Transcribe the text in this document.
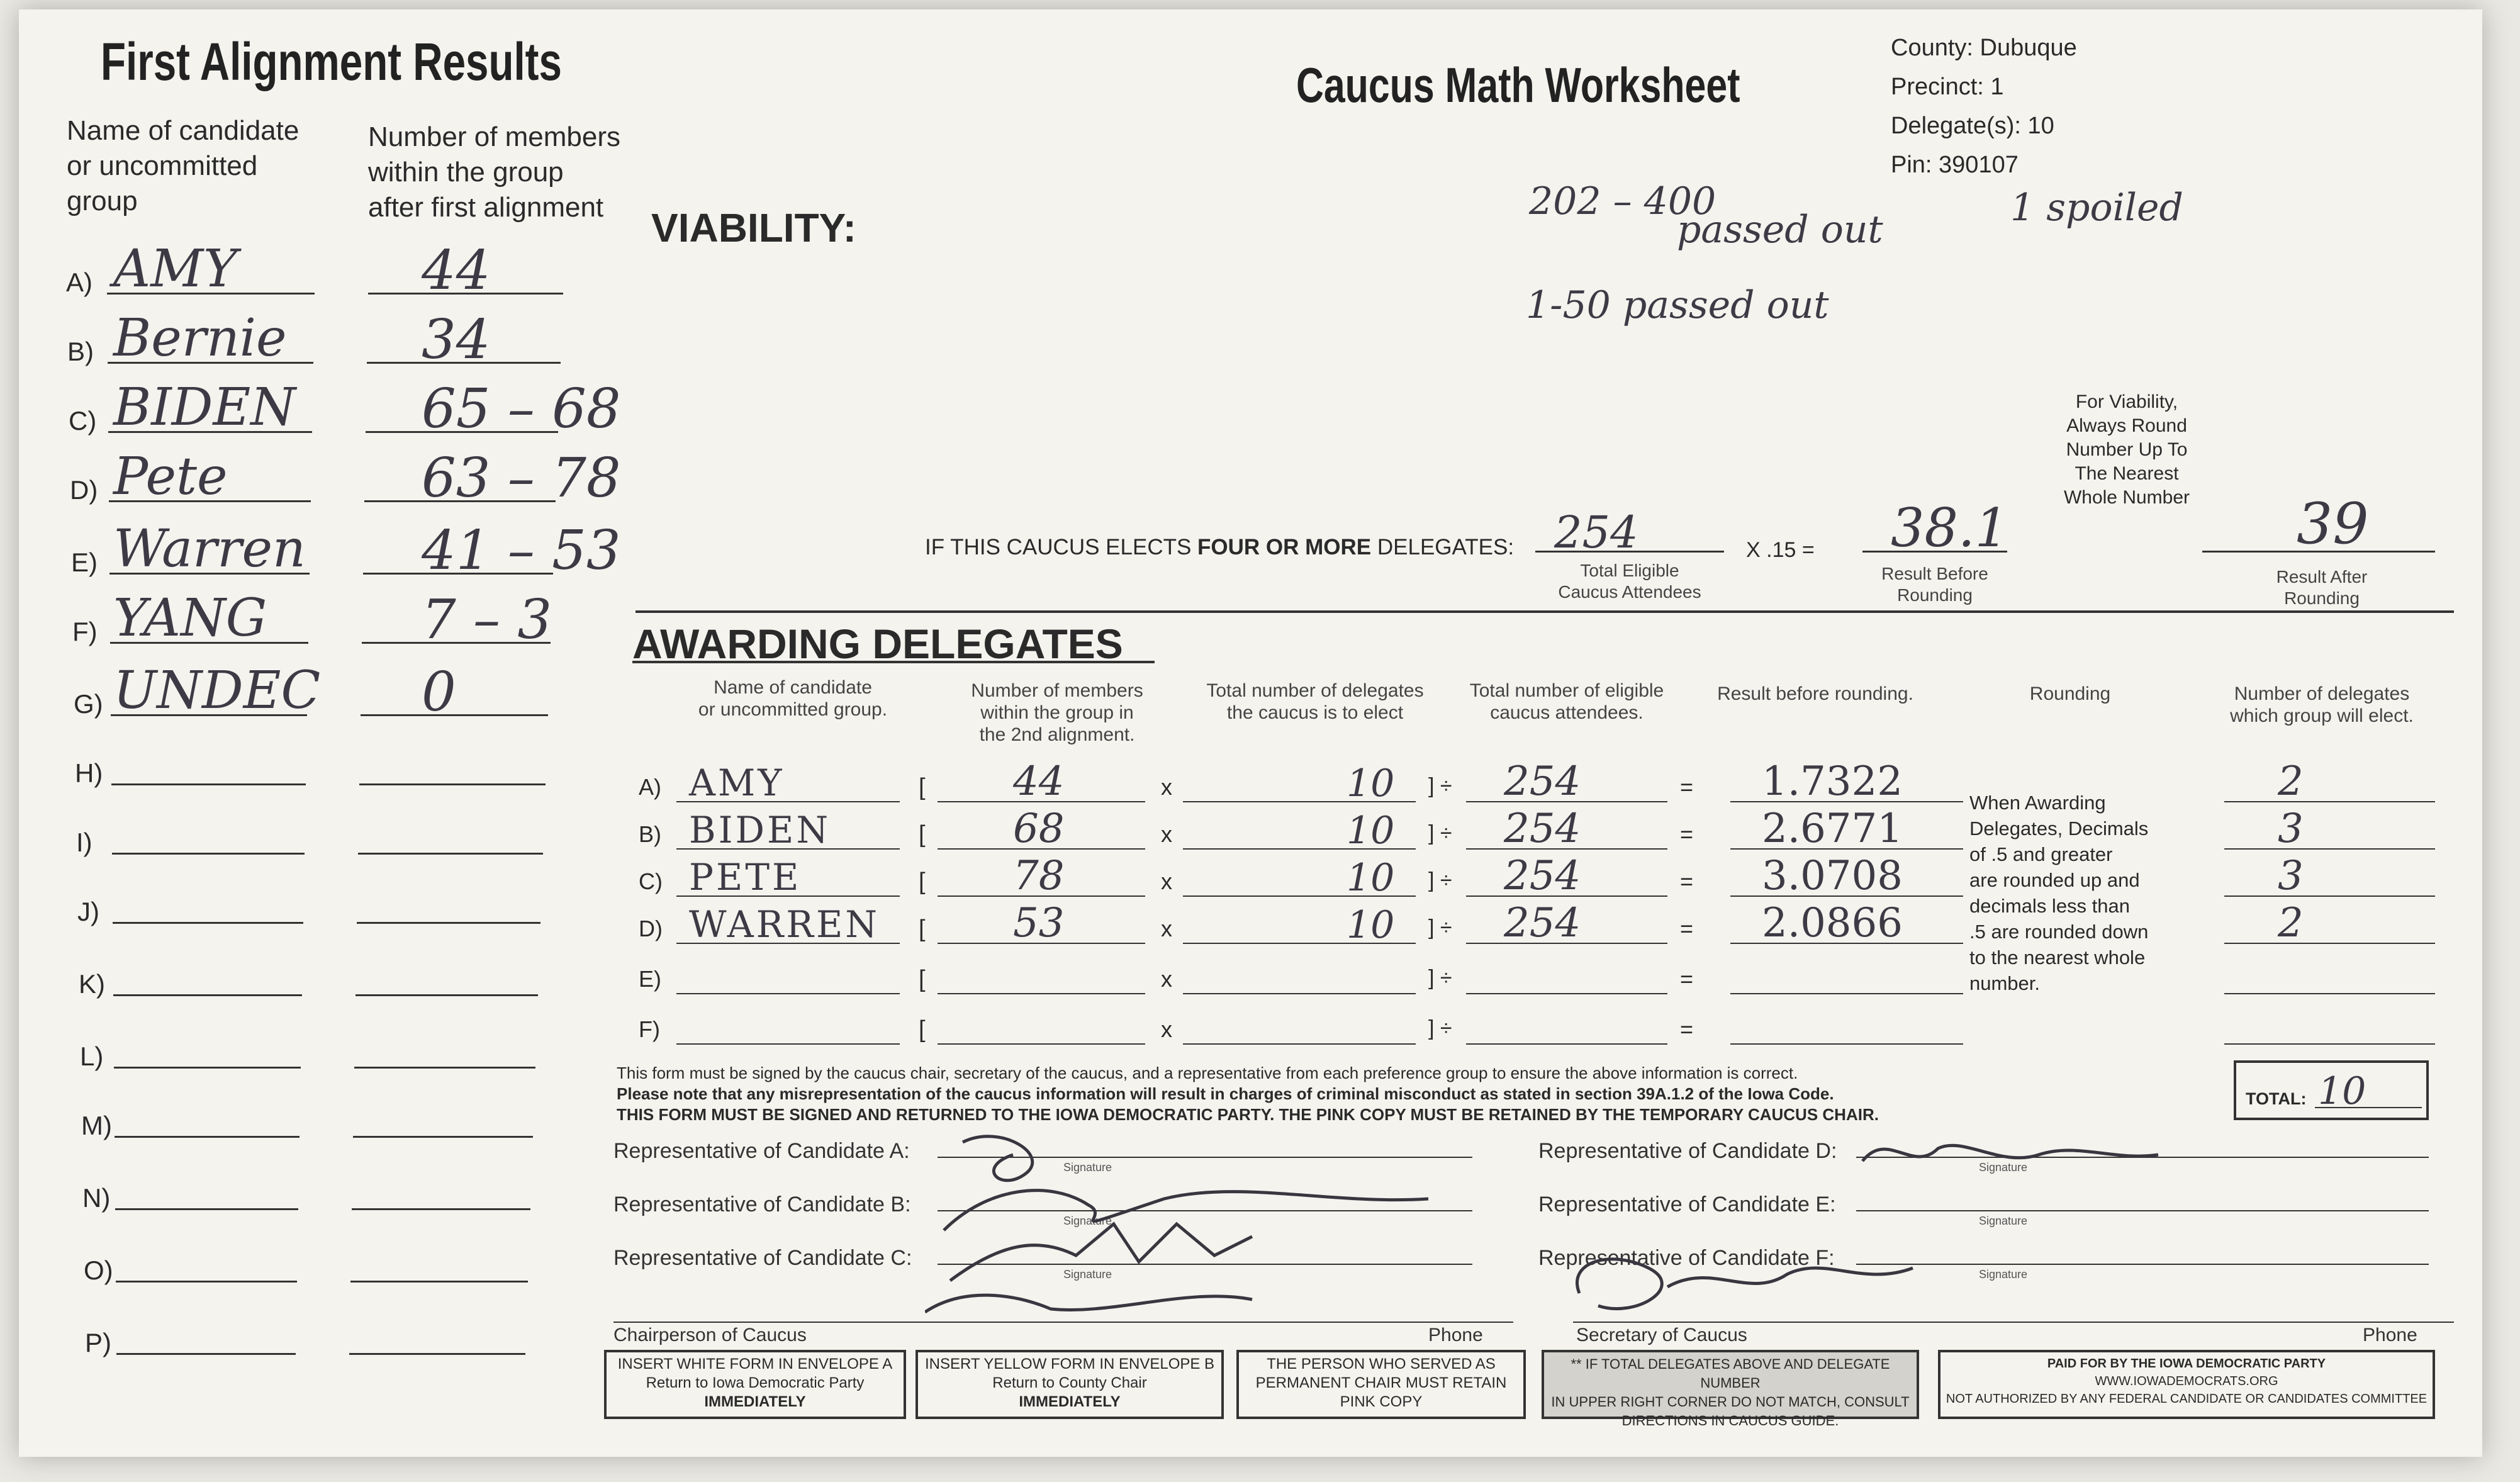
First Alignment Results
Name of candidate
or uncommitted
group
Number of members
within the group
after first alignment
A) AMY	44
B) Bernie 34
C) BIDEN 65 – 68
D) Pete	63 – 78
E) Warren 41 – 53
F) YANG	7 – 3
G) UNDEC 0
H)
I)
J)
K)
L)
M)
N)
O)
P)
Caucus Math Worksheet
County: Dubuque
Precinct: 1
Delegate(s): 10
Pin: 390107
VIABILITY:
202 – 400
passed out	1 spoiled
1-50 passed out
For Viability,
Always Round
Number Up To
The Nearest
Whole Number
IF THIS CAUCUS ELECTS FOUR OR MORE DELEGATES: 254
Total Eligible
Caucus Attendees
X .15 = 38.1
Result Before
Rounding
39
Result After
Rounding
AWARDING DELEGATES
Name of candidate
or uncommitted group.
Number of members
within the group in
the 2nd alignment.
Total number of delegates
the caucus is to elect
Total number of eligible
caucus attendees.
Result before rounding.	Rounding	Number of delegates
which group will elect.
A) AMY	[ 44	x	10 ] ÷ 254	= 1.7322	2
B) BIDEN	[ 68	x	10 ] ÷ 254	= 2.6771	3
C) PETE	[ 78	x	10 ] ÷ 254	= 3.0708	3
D) WARREN [ 53	x	10 ] ÷ 254	= 2.0866	2
E)	[	x	] ÷	=
F)	[	x	] ÷	=
When Awarding
Delegates, Decimals
of .5 and greater
are rounded up and
decimals less than
.5 are rounded down
to the nearest whole
number.
This form must be signed by the caucus chair, secretary of the caucus, and a representative from each preference group to ensure the above information is correct.
Please note that any misrepresentation of the caucus information will result in charges of criminal misconduct as stated in section 39A.1.2 of the Iowa Code.
THIS FORM MUST BE SIGNED AND RETURNED TO THE IOWA DEMOCRATIC PARTY. THE PINK COPY MUST BE RETAINED BY THE TEMPORARY CAUCUS CHAIR.
TOTAL: 10
Representative of Candidate A:
Representative of Candidate B:
Representative of Candidate C:
Representative of Candidate D:
Representative of Candidate E:
Representative of Candidate F:
Signature
Signature
Signature
Signature
Signature
Signature
Chairperson of Caucus	Phone	Secretary of Caucus	Phone
INSERT WHITE FORM IN ENVELOPE A
Return to Iowa Democratic Party
IMMEDIATELY
INSERT YELLOW FORM IN ENVELOPE B
Return to County Chair
IMMEDIATELY
THE PERSON WHO SERVED AS
PERMANENT CHAIR MUST RETAIN
PINK COPY
** IF TOTAL DELEGATES ABOVE AND DELEGATE NUMBER
IN UPPER RIGHT CORNER DO NOT MATCH, CONSULT
DIRECTIONS IN CAUCUS GUIDE.
PAID FOR BY THE IOWA DEMOCRATIC PARTY
WWW.IOWADEMOCRATS.ORG
NOT AUTHORIZED BY ANY FEDERAL CANDIDATE OR CANDIDATES COMMITTEE
